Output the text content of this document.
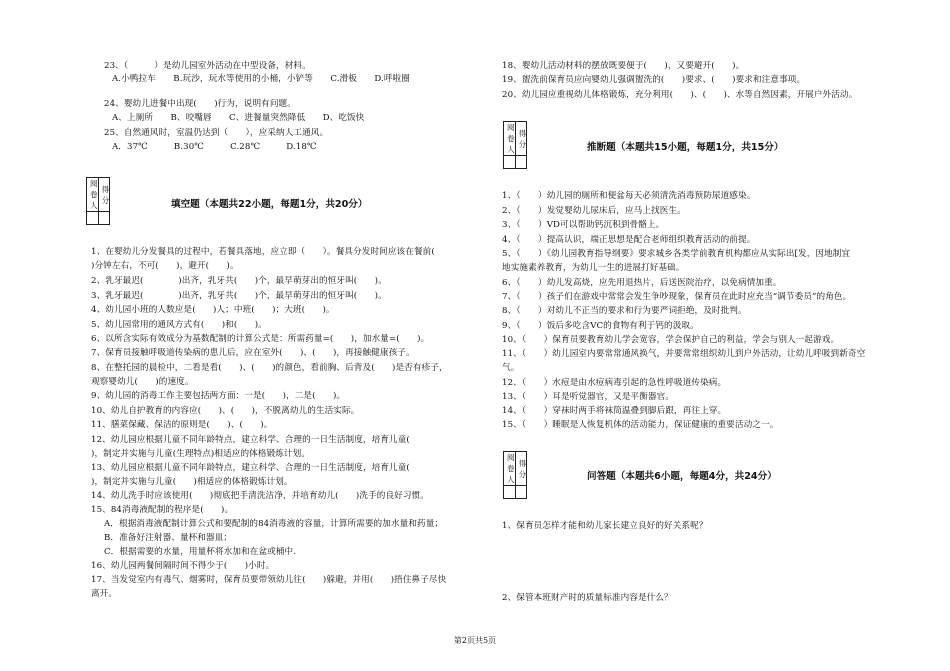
23、（　　　）是幼儿园室外活动在中型设备，材料。
A.小鸭拉车　　B.玩沙，玩水等使用的小桶，小铲等　　C.滑板　　D.呼啦圈
24、婴幼儿进餐中出现(　　)行为，说明有问题。
A、上厕所　　B、咬嘴唇　　C、进餐量突然降低　　D、吃饭快
25、自然通风时，室温仍达到（　　），应采纳人工通风。
A．37℃　　　B.30℃　　　C.28℃　　　D.18℃
阅卷人	得分
		填空题（本题共22小题，每题1分，共20分）
1、在婴幼儿分发餐具的过程中，若餐具落地，应立即（　　）。餐具分发时间应该在餐前(　　
)分钟左右，不可(　　)，避开(　　)。
2、乳牙最迟(　　　　)出齐，乳牙共(　　)个，最早萌芽出的恒牙叫(　　)。
3、乳牙最迟(　　　　)出齐，乳牙共(　　)个，最早萌芽出的恒牙叫(　　)。
4、幼儿园小班的人数应是(　　)人；中班(　　)；大班(　　)。
5、幼儿园常用的通风方式有(　　)和(　　)。
6、以所含实际有效成分为基数配制的计算公式是：所需药量=(　　)，加水量=(　　)。
7、保育员接触呼吸道传染病的患儿后，应在室外(　　)、(　　)，再接触健康孩子。
8、在整托园的晨检中，二看是看(　　)、(　　)的颜色，看前胸、后背及(　　)是否有疹子，
观察婴幼儿(　　)的速度。
9、幼儿园的消毒工作主要包括两方面：一是(　　)，二是(　　)。
10、幼儿自护教育的内容应(　　)、(　　)，不脱离幼儿的生活实际。
11、膳菜保藏、保洁的原则是(　　)、(　　)。
12、幼儿园应根据儿童不同年龄特点，建立科学、合理的一日生活制度，培育儿童(　　
)，制定并实施与儿童(生理特点)相适应的体格锻炼计划。
13、幼儿园应根据儿童不同年龄特点，建立科学、合理的一日生活制度，培育儿童(　　
)，制定并实施与儿童(　　)相适应的体格锻炼计划。
14、幼儿洗手时应该使用(　　)彻底把手清洗洁净，并培育幼儿(　　)洗手的良好习惯。
15、84消毒液配制的程序是(　　)。
A．根据消毒液配制计算公式和要配制的84消毒液的容量，计算所需要的加水量和药量；
B．准备好注射器、量杯和器皿；
C．根据需要的水量，用量杯将水加和在盆或桶中.
16、幼儿园两餐间隔时间不得少于(　　)小时。
17、当发觉室内有毒气、烟雾时，保育员要带领幼儿往(　　)躲避，并用(　　)捂住鼻子尽快
离开。
18、婴幼儿活动材料的摆放既要便于(　　)，又要避开(　　)。
19、盥洗前保育员应向婴幼儿强调盥洗的(　　)要求、(　　)要求和注意事项。
20、幼儿园应重视幼儿体格锻炼，充分利用(　　)、(　　)、水等自然因素，开展户外活动。
阅卷人	得分
		推断题（本题共15小题，每题1分，共15分）
1、（　　）幼儿园的厕所和便盆每天必须清洗消毒预防尿道感染。
2、（　　）发觉婴幼儿尿床后，应马上找医生。
3、（　　）VD可以帮助钙沉积到骨骼上。
4、（　　）提高认识，端正思想是配合老师组织教育活动的前提。
5、（　　）《幼儿园教育指导纲要》要求城乡各类学前教育机构都应从实际出[发，因地制宜
地实施素养教育，为幼儿一生的进展打好基础。
6、（　　）幼儿发高烧，应先用退热片，后送医院治疗，以免病情加重。
7、（　　）孩子们在游戏中常常会发生争吵现象，保育员在此时应充当“调节委员”的角色。
8、（　　）对幼儿不正当的要求和行为要严词拒绝，及时批判。
9、（　　）饭后多吃含VC的食物有利于钙的汲取。
10、（　　）保育员要教育幼儿学会宽容，学会保护自己的利益，学会与别人一起游戏。
11、（　　）幼儿园室内要常常通风换气，并要常常组织幼儿到户外活动，让幼儿呼吸到新奇空
气。
12、（　　）水痘是由水痘病毒引起的急性呼吸道传染病。
13、（　　）耳是听觉器官，又是平衡器官。
14、（　　）穿袜时两手将袜筒温叠到脚后跟，再往上穿。
15、（　　）睡眠是人恢复机体的活动能力，保证健康的重要活动之一。
阅卷人	得分
		问答题（本题共6小题，每题4分，共24分）
1、保育员怎样才能和幼儿家长建立良好的好关系呢？
2、保管本班财产时的质量标准内容是什么？
第2页共5页
